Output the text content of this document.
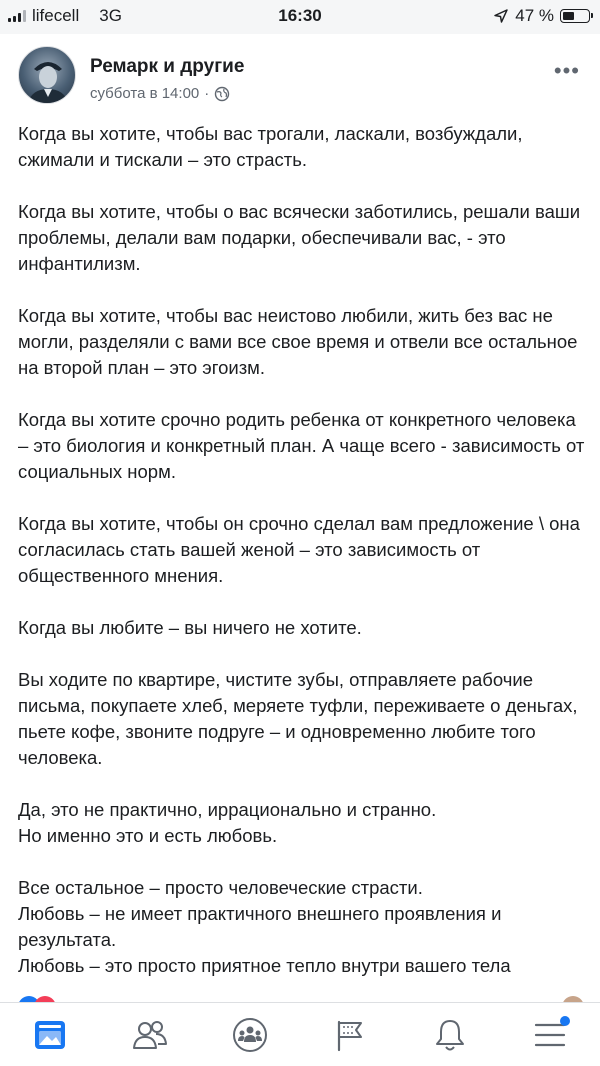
lifecell 3G	16:30	47 %
Ремарк и другие
суббота в 14:00 ·
•••

Когда вы хотите, чтобы вас трогали, ласкали, возбуждали, сжимали и тискали – это страсть.

Когда вы хотите, чтобы о вас всячески заботились, решали ваши проблемы, делали вам подарки, обеспечивали вас, - это инфантилизм.

Когда вы хотите, чтобы вас неистово любили, жить без вас не могли, разделяли с вами все свое время и отвели все остальное на второй план – это эгоизм.

Когда вы хотите срочно родить ребенка от конкретного человека – это биология и конкретный план. А чаще всего - зависимость от социальных норм.

Когда вы хотите, чтобы он срочно сделал вам предложение \ она согласилась стать вашей женой – это зависимость от общественного мнения.

Когда вы любите – вы ничего не хотите.

Вы ходите по квартире, чистите зубы, отправляете рабочие письма, покупаете хлеб, меряете туфли, переживаете о деньгах, пьете кофе, звоните подруге – и одновременно любите того человека.

Да, это не практично, иррационально и странно.
Но именно это и есть любовь.

Все остальное – просто человеческие страсти.
Любовь – не имеет практичного внешнего проявления и результата.
Любовь – это просто приятное тепло внутри вашего тела
